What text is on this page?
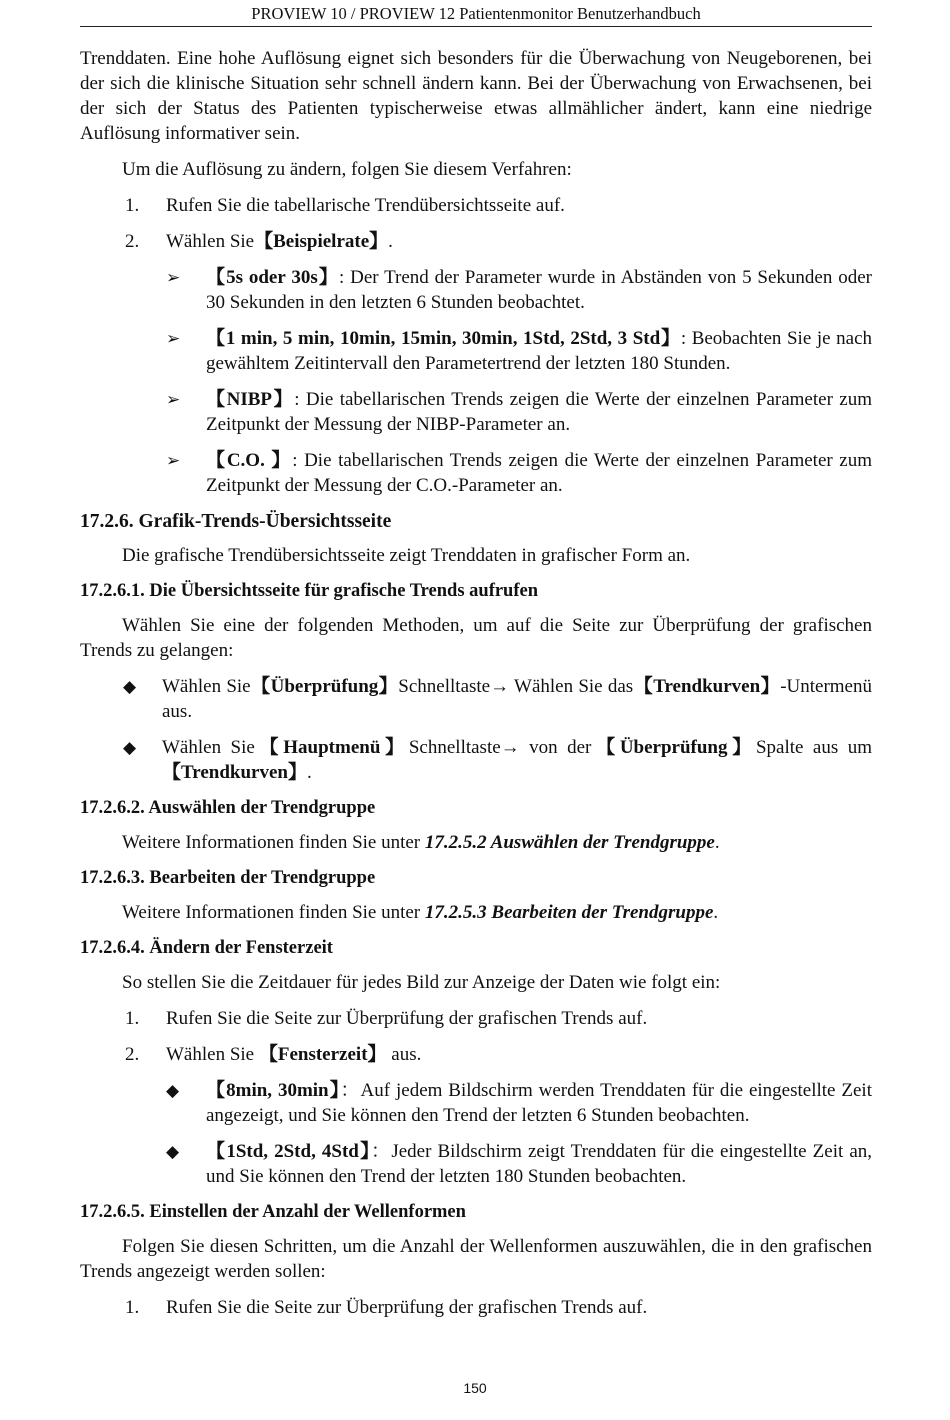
PROVIEW 10 / PROVIEW 12 Patientenmonitor Benutzerhandbuch

Trenddaten. Eine hohe Auflösung eignet sich besonders für die Überwachung von Neugeborenen, bei der sich die klinische Situation sehr schnell ändern kann. Bei der Überwachung von Erwachsenen, bei der sich der Status des Patienten typischerweise etwas allmählicher ändert, kann eine niedrige Auflösung informativer sein.

Um die Auflösung zu ändern, folgen Sie diesem Verfahren:

1. Rufen Sie die tabellarische Trendübersichtsseite auf.
2. Wählen Sie【Beispielrate】.
➢ 【5s oder 30s】: Der Trend der Parameter wurde in Abständen von 5 Sekunden oder 30 Sekunden in den letzten 6 Stunden beobachtet.
➢ 【1 min, 5 min, 10min, 15min, 30min, 1Std, 2Std, 3 Std】: Beobachten Sie je nach gewähltem Zeitintervall den Parametertrend der letzten 180 Stunden.
➢ 【NIBP】: Die tabellarischen Trends zeigen die Werte der einzelnen Parameter zum Zeitpunkt der Messung der NIBP-Parameter an.
➢ 【C.O. 】: Die tabellarischen Trends zeigen die Werte der einzelnen Parameter zum Zeitpunkt der Messung der C.O.-Parameter an.
17.2.6. Grafik-Trends-Übersichtsseite

Die grafische Trendübersichtsseite zeigt Trenddaten in grafischer Form an.

17.2.6.1. Die Übersichtsseite für grafische Trends aufrufen

Wählen Sie eine der folgenden Methoden, um auf die Seite zur Überprüfung der grafischen Trends zu gelangen:

◆ Wählen Sie【Überprüfung】Schnelltaste→ Wählen Sie das【Trendkurven】-Untermenü aus.
◆ Wählen Sie【Hauptmenü】Schnelltaste→ von der【Überprüfung】Spalte aus um【Trendkurven】.
17.2.6.2. Auswählen der Trendgruppe

Weitere Informationen finden Sie unter 17.2.5.2 Auswählen der Trendgruppe.

17.2.6.3. Bearbeiten der Trendgruppe

Weitere Informationen finden Sie unter 17.2.5.3 Bearbeiten der Trendgruppe.

17.2.6.4. Ändern der Fensterzeit

So stellen Sie die Zeitdauer für jedes Bild zur Anzeige der Daten wie folgt ein:

1. Rufen Sie die Seite zur Überprüfung der grafischen Trends auf.
2. Wählen Sie 【Fensterzeit】 aus.
◆ 【8min, 30min】：Auf jedem Bildschirm werden Trenddaten für die eingestellte Zeit angezeigt, und Sie können den Trend der letzten 6 Stunden beobachten.
◆ 【1Std, 2Std, 4Std】：Jeder Bildschirm zeigt Trenddaten für die eingestellte Zeit an, und Sie können den Trend der letzten 180 Stunden beobachten.
17.2.6.5. Einstellen der Anzahl der Wellenformen

Folgen Sie diesen Schritten, um die Anzahl der Wellenformen auszuwählen, die in den grafischen Trends angezeigt werden sollen:

1. Rufen Sie die Seite zur Überprüfung der grafischen Trends auf.
150
